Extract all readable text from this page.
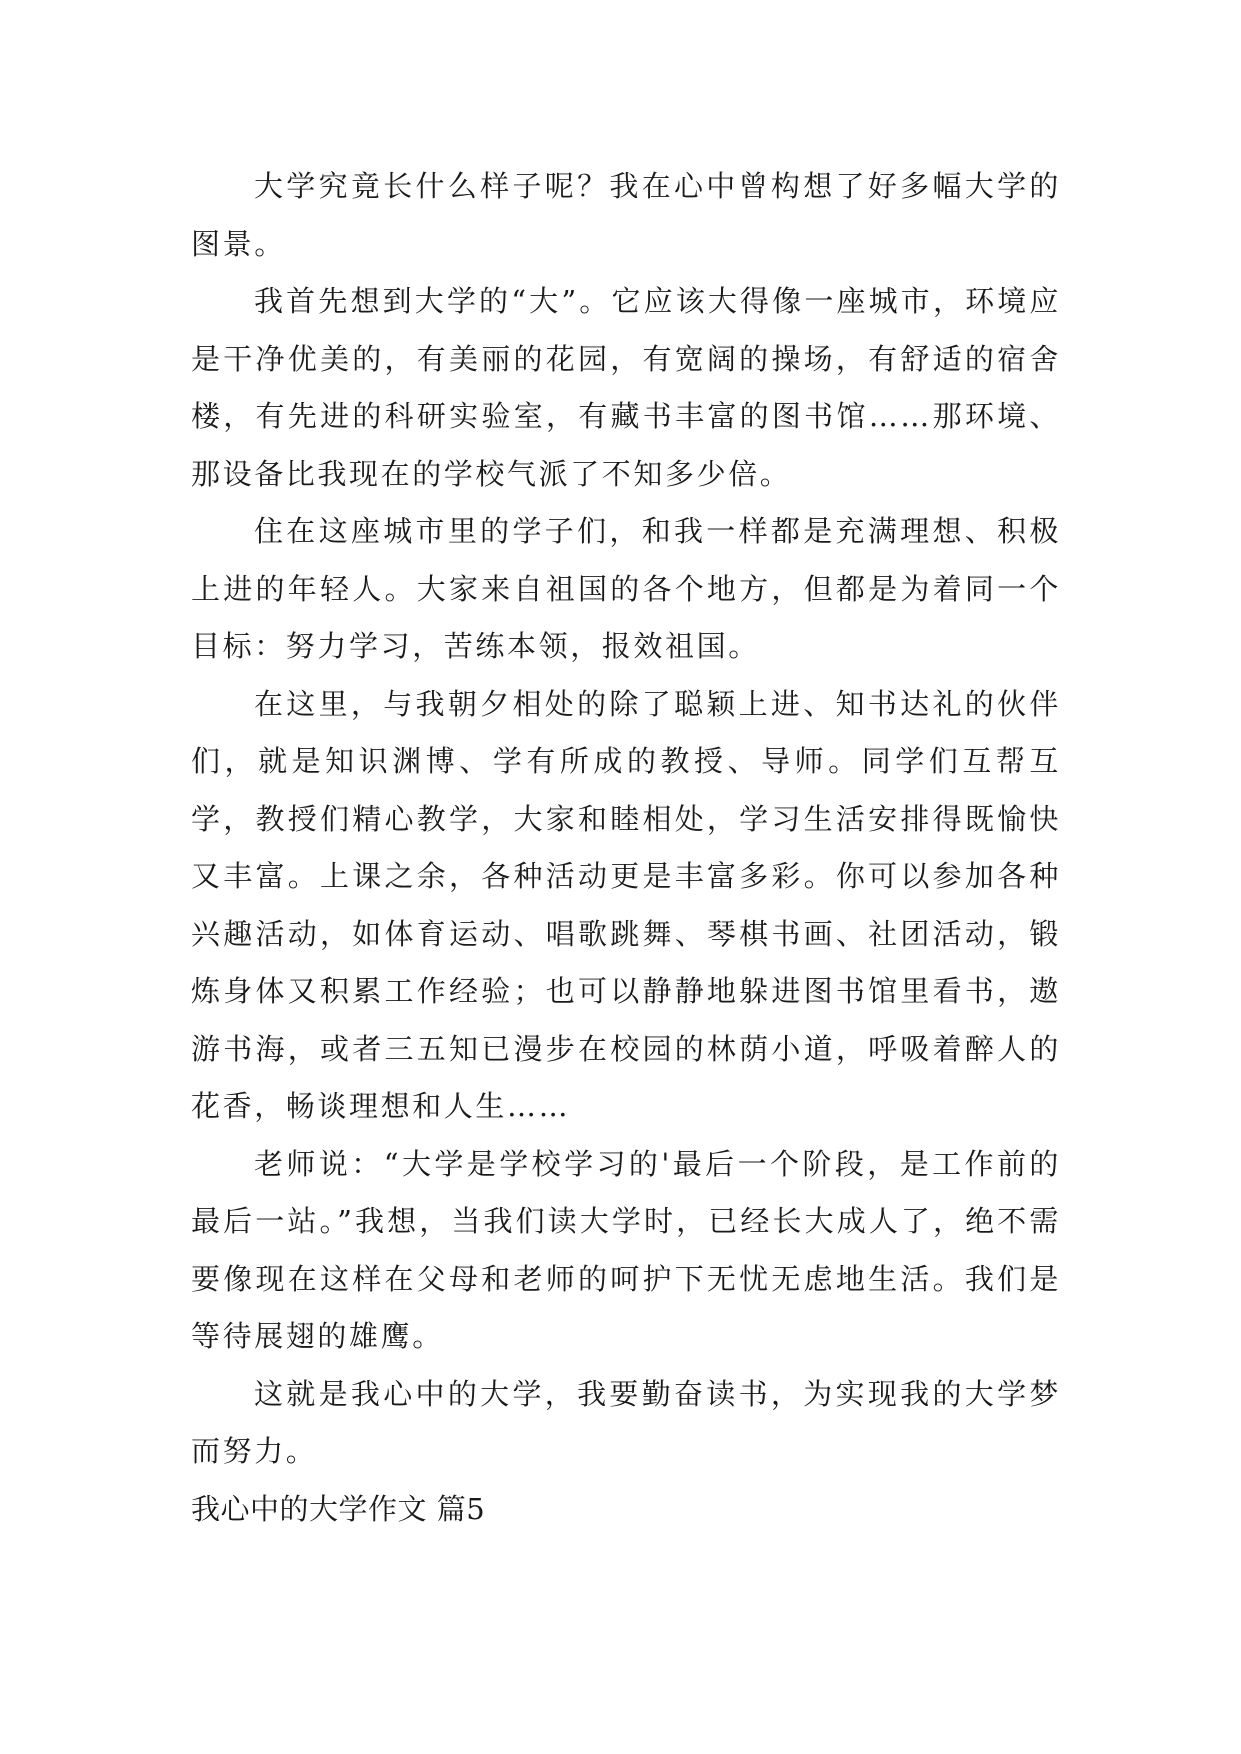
大学究竟长什么样子呢？我在心中曾构想了好多幅大学的图景。

我首先想到大学的“大”。它应该大得像一座城市，环境应是干净优美的，有美丽的花园，有宽阔的操场，有舒适的宿舍楼，有先进的科研实验室，有藏书丰富的图书馆……那环境、那设备比我现在的学校气派了不知多少倍。

住在这座城市里的学子们，和我一样都是充满理想、积极上进的年轻人。大家来自祖国的各个地方，但都是为着同一个目标：努力学习，苦练本领，报效祖国。

在这里，与我朝夕相处的除了聪颖上进、知书达礼的伙伴们，就是知识渊博、学有所成的教授、导师。同学们互帮互学，教授们精心教学，大家和睦相处，学习生活安排得既愉快又丰富。上课之余，各种活动更是丰富多彩。你可以参加各种兴趣活动，如体育运动、唱歌跳舞、琴棋书画、社团活动，锻炼身体又积累工作经验；也可以静静地躲进图书馆里看书，遨游书海，或者三五知已漫步在校园的林荫小道，呼吸着醉人的花香，畅谈理想和人生……

老师说：“大学是学校学习的'最后一个阶段，是工作前的最后一站。”我想，当我们读大学时，已经长大成人了，绝不需要像现在这样在父母和老师的呵护下无忧无虑地生活。我们是等待展翅的雄鹰。

这就是我心中的大学，我要勤奋读书，为实现我的大学梦而努力。

我心中的大学作文 篇5
